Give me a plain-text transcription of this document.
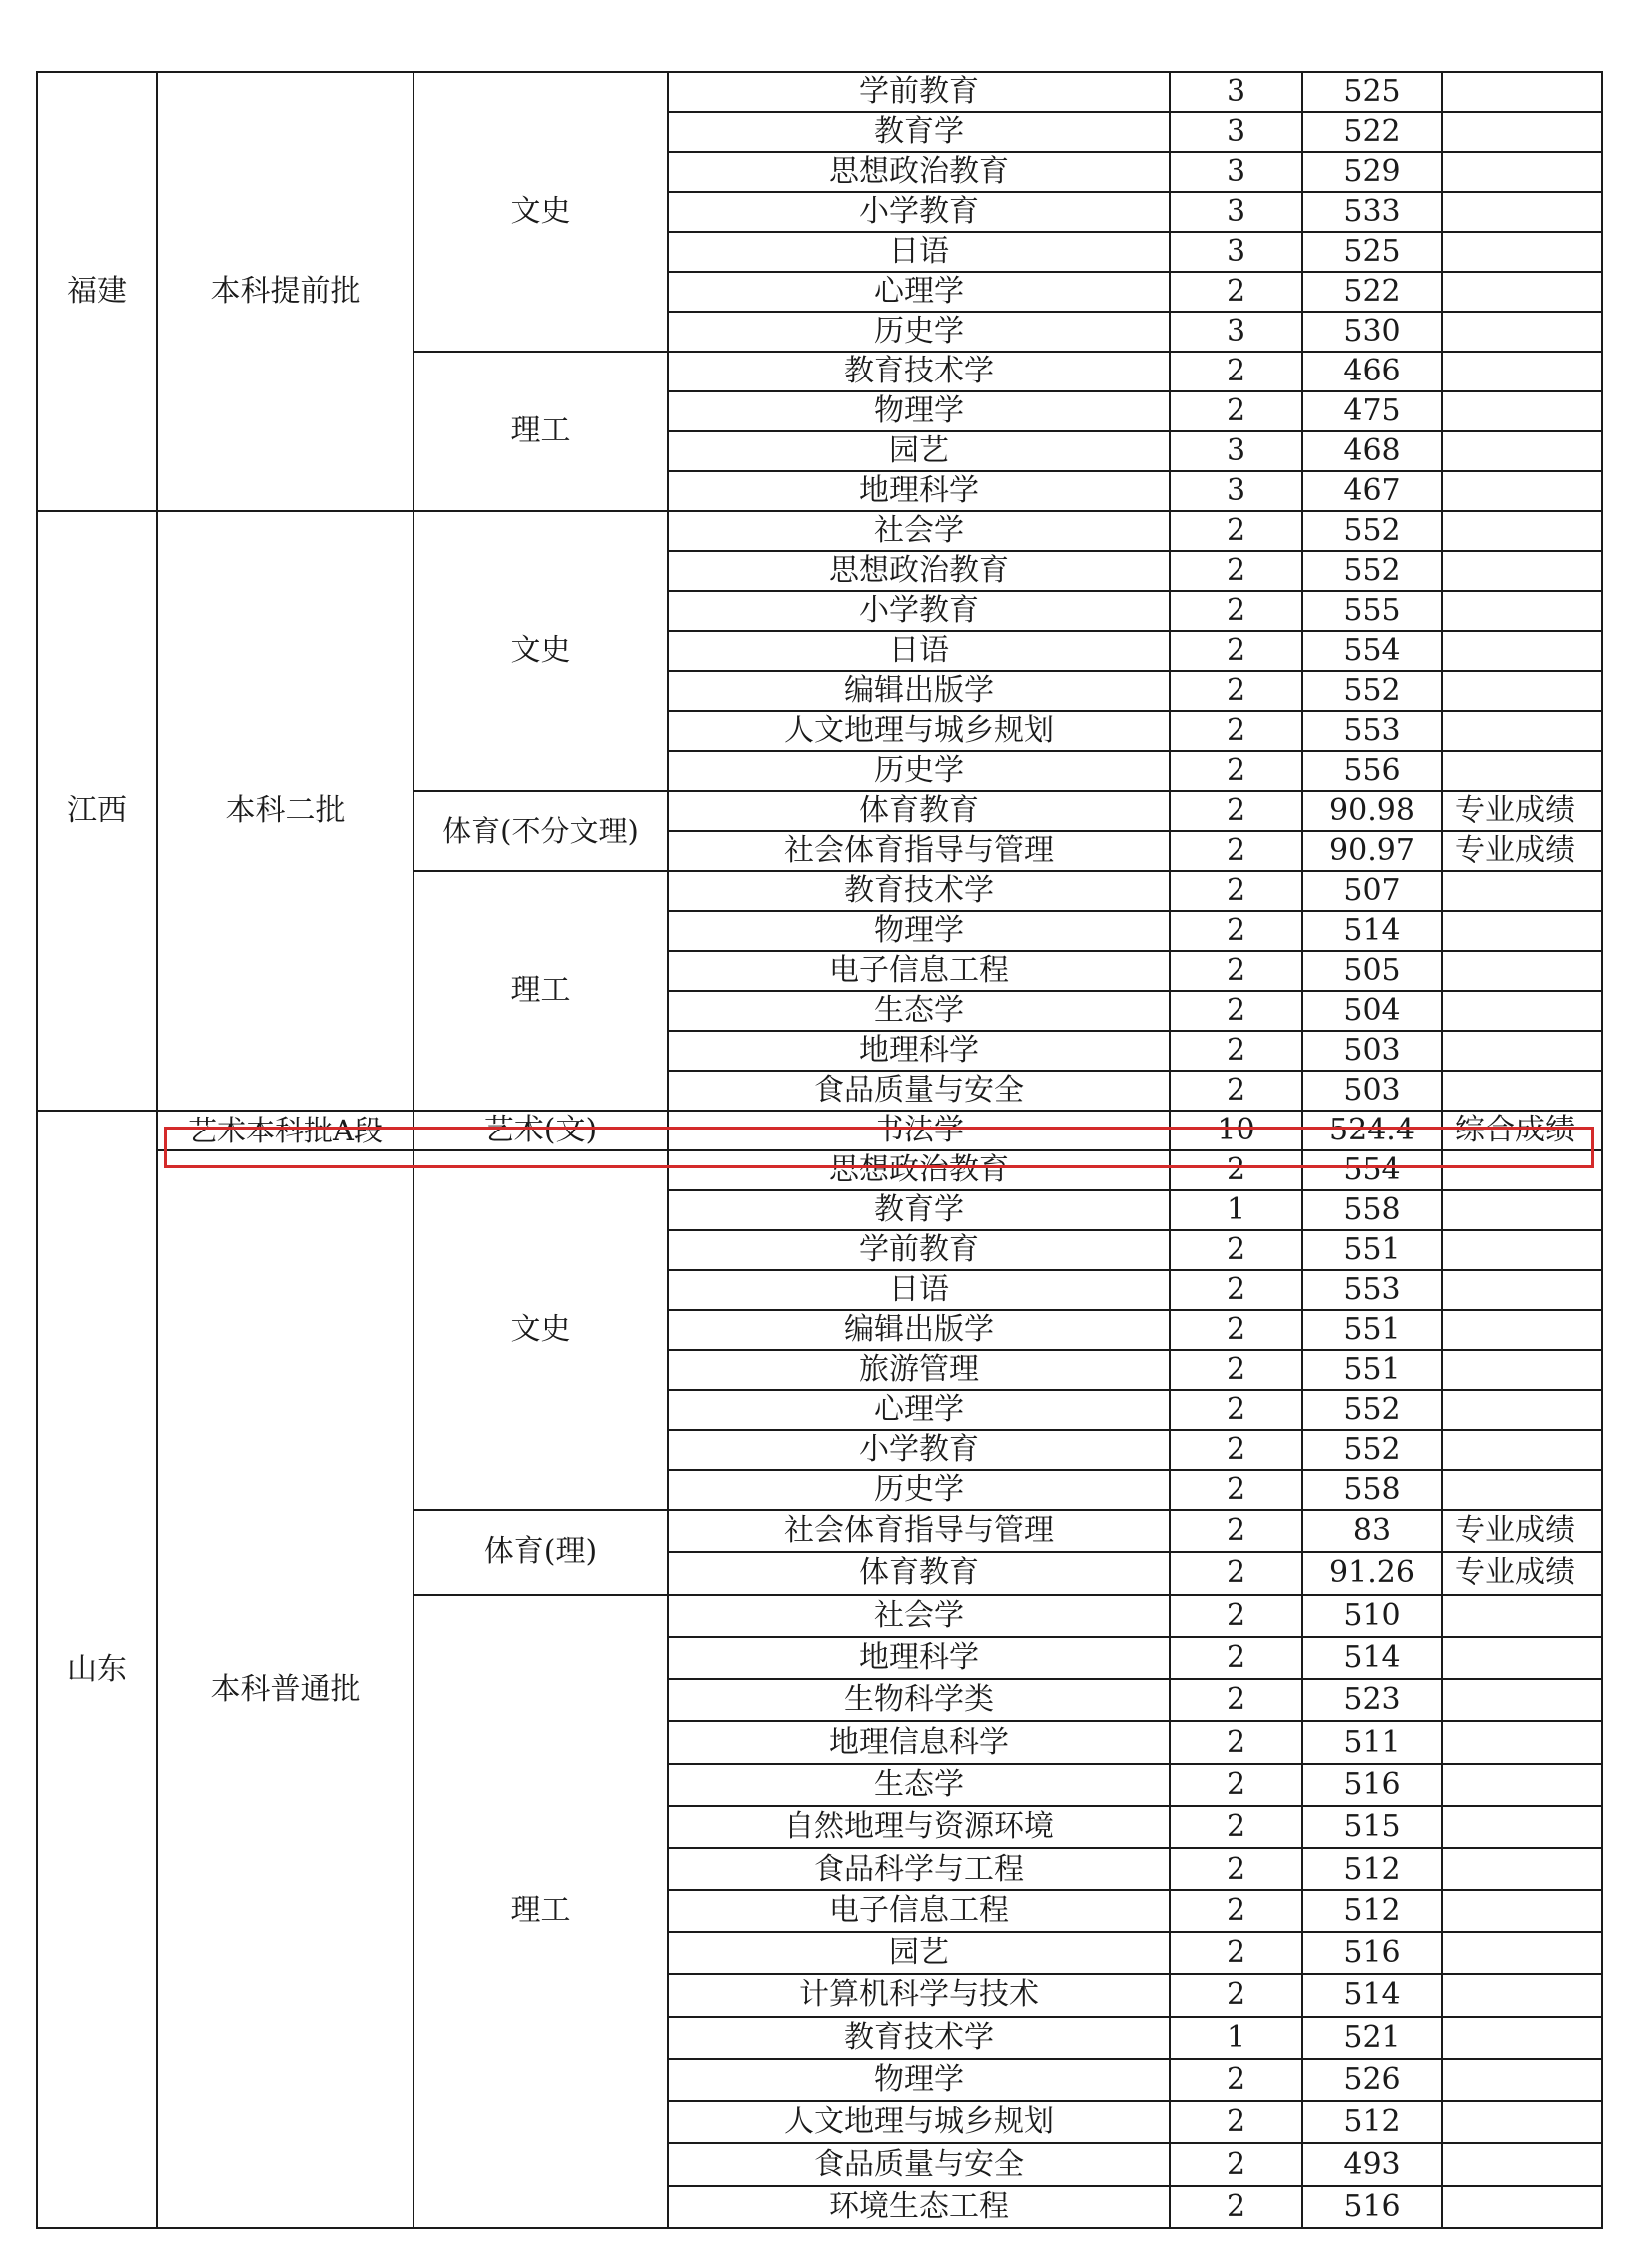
福建	本科提前批	文史	学前教育	3	525	
			教育学	3	522	
			思想政治教育	3	529	
			小学教育	3	533	
			日语	3	525	
			心理学	2	522	
			历史学	3	530	
		理工	教育技术学	2	466	
			物理学	2	475	
			园艺	3	468	
			地理科学	3	467	
江西	本科二批	文史	社会学	2	552	
			思想政治教育	2	552	
			小学教育	2	555	
			日语	2	554	
			编辑出版学	2	552	
			人文地理与城乡规划	2	553	
			历史学	2	556	
		体育(不分文理)	体育教育	2	90.98	专业成绩
			社会体育指导与管理	2	90.97	专业成绩
		理工	教育技术学	2	507	
			物理学	2	514	
			电子信息工程	2	505	
			生态学	2	504	
			地理科学	2	503	
			食品质量与安全	2	503	
山东	艺术本科批A段	艺术(文)	书法学	10	524.4	综合成绩
	本科普通批	文史	思想政治教育	2	554	
			教育学	1	558	
			学前教育	2	551	
			日语	2	553	
			编辑出版学	2	551	
			旅游管理	2	551	
			心理学	2	552	
			小学教育	2	552	
			历史学	2	558	
		体育(理)	社会体育指导与管理	2	83	专业成绩
			体育教育	2	91.26	专业成绩
		理工	社会学	2	510	
			地理科学	2	514	
			生物科学类	2	523	
			地理信息科学	2	511	
			生态学	2	516	
			自然地理与资源环境	2	515	
			食品科学与工程	2	512	
			电子信息工程	2	512	
			园艺	2	516	
			计算机科学与技术	2	514	
			教育技术学	1	521	
			物理学	2	526	
			人文地理与城乡规划	2	512	
			食品质量与安全	2	493	
			环境生态工程	2	516	
